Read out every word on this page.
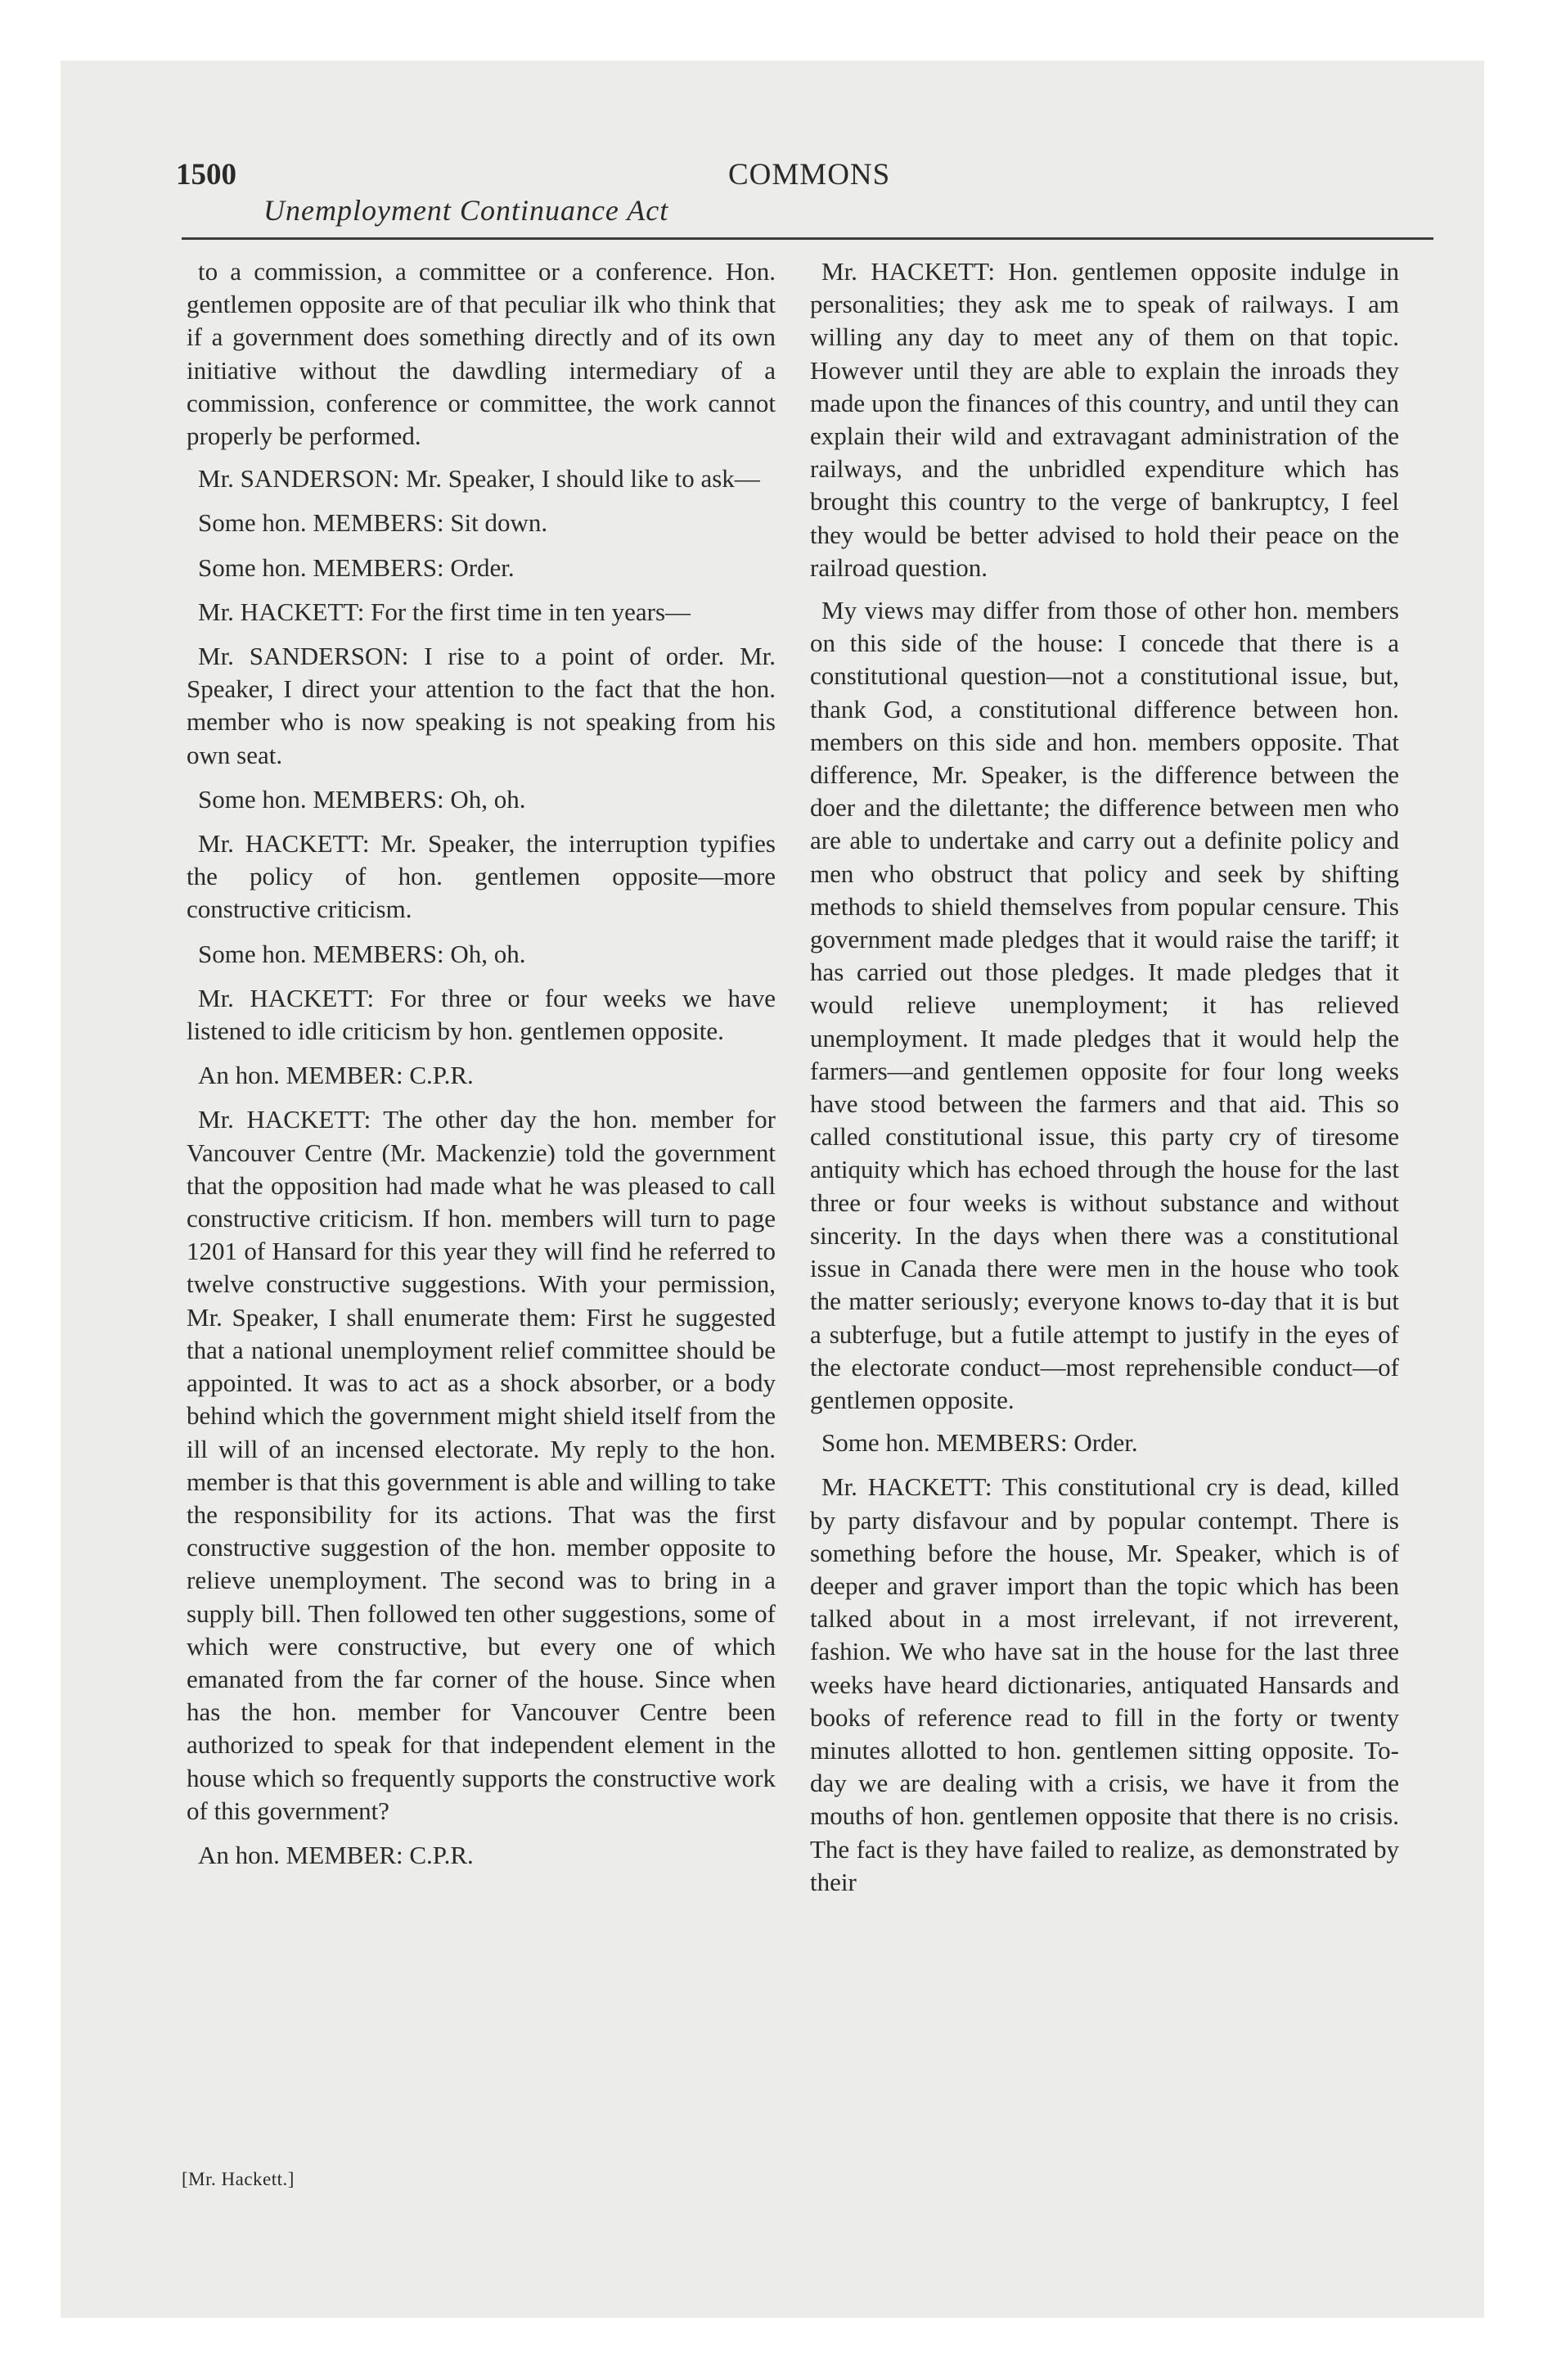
1500	COMMONS
Unemployment Continuance Act

to a commission, a committee or a conference. Hon. gentlemen opposite are of that peculiar ilk who think that if a government does something directly and of its own initiative without the dawdling intermediary of a commission, conference or committee, the work cannot properly be performed.

Mr. SANDERSON: Mr. Speaker, I should like to ask—

Some hon. MEMBERS: Sit down.

Some hon. MEMBERS: Order.

Mr. HACKETT: For the first time in ten years—

Mr. SANDERSON: I rise to a point of order. Mr. Speaker, I direct your attention to the fact that the hon. member who is now speaking is not speaking from his own seat.

Some hon. MEMBERS: Oh, oh.

Mr. HACKETT: Mr. Speaker, the interruption typifies the policy of hon. gentlemen opposite—more constructive criticism.

Some hon. MEMBERS: Oh, oh.

Mr. HACKETT: For three or four weeks we have listened to idle criticism by hon. gentlemen opposite.

An hon. MEMBER: C.P.R.

Mr. HACKETT: The other day the hon. member for Vancouver Centre (Mr. Mackenzie) told the government that the opposition had made what he was pleased to call constructive criticism. If hon. members will turn to page 1201 of Hansard for this year they will find he referred to twelve constructive suggestions. With your permission, Mr. Speaker, I shall enumerate them: First he suggested that a national unemployment relief committee should be appointed. It was to act as a shock absorber, or a body behind which the government might shield itself from the ill will of an incensed electorate. My reply to the hon. member is that this government is able and willing to take the responsibility for its actions. That was the first constructive suggestion of the hon. member opposite to relieve unemployment. The second was to bring in a supply bill. Then followed ten other suggestions, some of which were constructive, but every one of which emanated from the far corner of the house. Since when has the hon. member for Vancouver Centre been authorized to speak for that independent element in the house which so frequently supports the constructive work of this government?

An hon. MEMBER: C.P.R.

Mr. HACKETT: Hon. gentlemen opposite indulge in personalities; they ask me to speak of railways. I am willing any day to meet any of them on that topic. However until they are able to explain the inroads they made upon the finances of this country, and until they can explain their wild and extravagant administration of the railways, and the unbridled expenditure which has brought this country to the verge of bankruptcy, I feel they would be better advised to hold their peace on the railroad question.

My views may differ from those of other hon. members on this side of the house: I concede that there is a constitutional question—not a constitutional issue, but, thank God, a constitutional difference between hon. members on this side and hon. members opposite. That difference, Mr. Speaker, is the difference between the doer and the dilettante; the difference between men who are able to undertake and carry out a definite policy and men who obstruct that policy and seek by shifting methods to shield themselves from popular censure. This government made pledges that it would raise the tariff; it has carried out those pledges. It made pledges that it would relieve unemployment; it has relieved unemployment. It made pledges that it would help the farmers—and gentlemen opposite for four long weeks have stood between the farmers and that aid. This so called constitutional issue, this party cry of tiresome antiquity which has echoed through the house for the last three or four weeks is without substance and without sincerity. In the days when there was a constitutional issue in Canada there were men in the house who took the matter seriously; everyone knows to-day that it is but a subterfuge, but a futile attempt to justify in the eyes of the electorate conduct—most reprehensible conduct—of gentlemen opposite.

Some hon. MEMBERS: Order.

Mr. HACKETT: This constitutional cry is dead, killed by party disfavour and by popular contempt. There is something before the house, Mr. Speaker, which is of deeper and graver import than the topic which has been talked about in a most irrelevant, if not irreverent, fashion. We who have sat in the house for the last three weeks have heard dictionaries, antiquated Hansards and books of reference read to fill in the forty or twenty minutes allotted to hon. gentlemen sitting opposite. To-day we are dealing with a crisis, we have it from the mouths of hon. gentlemen opposite that there is no crisis. The fact is they have failed to realize, as demonstrated by their

[Mr. Hackett.]
